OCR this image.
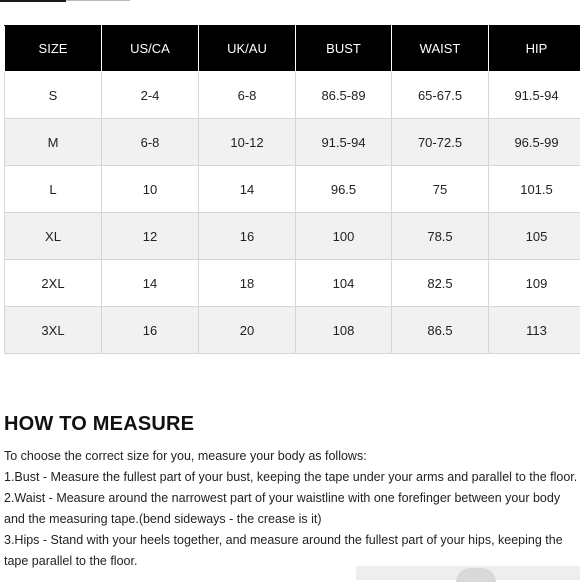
SIZE	US/CA	UK/AU	BUST	WAIST	HIP
S	2-4	6-8	86.5-89	65-67.5	91.5-94
M	6-8	10-12	91.5-94	70-72.5	96.5-99
L	10	14	96.5	75	101.5
XL	12	16	100	78.5	105
2XL	14	18	104	82.5	109
3XL	16	20	108	86.5	113
HOW TO MEASURE

To choose the correct size for you, measure your body as follows:

1.Bust - Measure the fullest part of your bust, keeping the tape under your arms and parallel to the floor.

2.Waist - Measure around the narrowest part of your waistline with one forefinger between your body

and the measuring tape.(bend sideways - the crease is it)

3.Hips - Stand with your heels together, and measure around the fullest part of your hips, keeping the

tape parallel to the floor.
